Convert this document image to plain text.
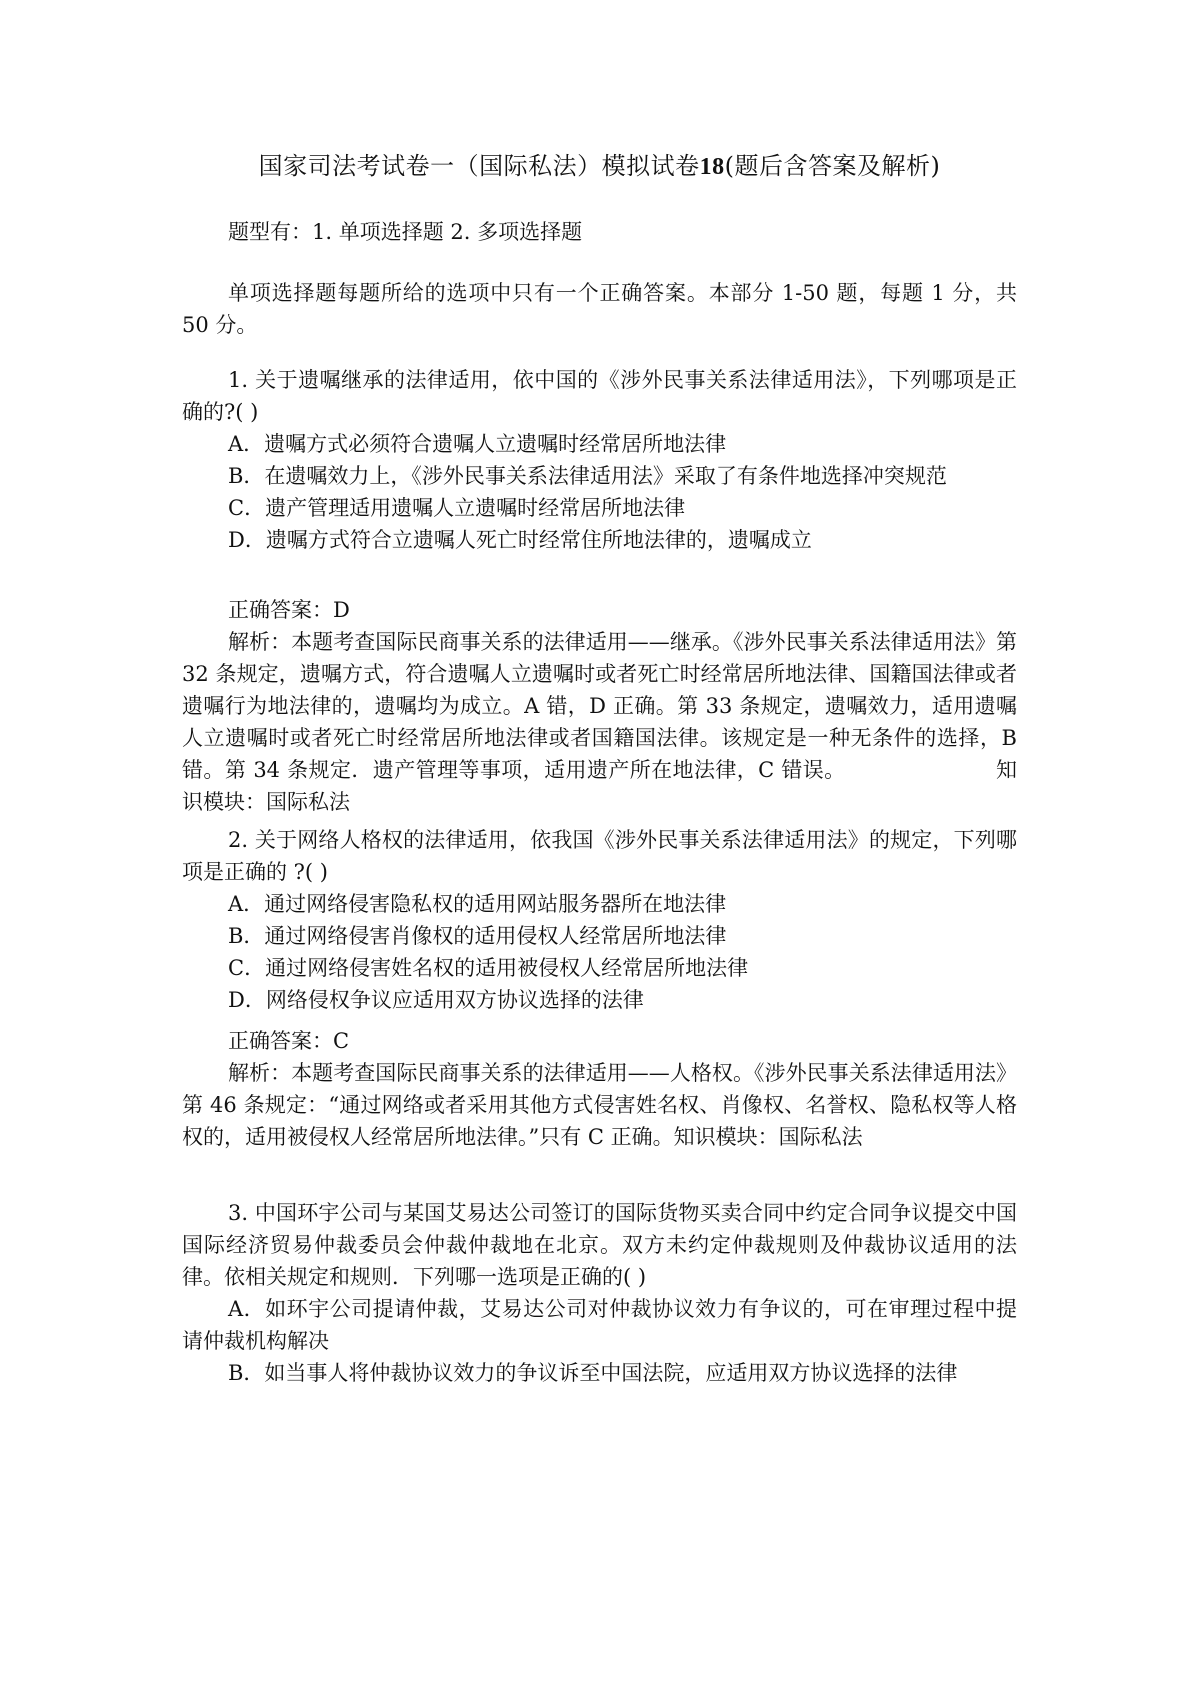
国家司法考试卷一（国际私法）模拟试卷18(题后含答案及解析)

题型有：1. 单项选择题 2. 多项选择题

单项选择题每题所给的选项中只有一个正确答案。本部分 1-50 题，每题 1 分，共 50 分。

1. 关于遗嘱继承的法律适用，依中国的《涉外民事关系法律适用法》，下列哪项是正确的?( )

A．遗嘱方式必须符合遗嘱人立遗嘱时经常居所地法律

B．在遗嘱效力上，《涉外民事关系法律适用法》采取了有条件地选择冲突规范

C．遗产管理适用遗嘱人立遗嘱时经常居所地法律

D．遗嘱方式符合立遗嘱人死亡时经常住所地法律的，遗嘱成立

正确答案：D

解析：本题考查国际民商事关系的法律适用——继承。《涉外民事关系法律适用法》第 32 条规定，遗嘱方式，符合遗嘱人立遗嘱时或者死亡时经常居所地法律、国籍国法律或者遗嘱行为地法律的，遗嘱均为成立。A 错，D 正确。第 33 条规定，遗嘱效力，适用遗嘱人立遗嘱时或者死亡时经常居所地法律或者国籍国法律。该规定是一种无条件的选择，B 错。第 34 条规定．遗产管理等事项，适用遗产所在地法律，C 错误。	知识模块：国际私法

2. 关于网络人格权的法律适用，依我国《涉外民事关系法律适用法》的规定，下列哪项是正确的 ?( )

A．通过网络侵害隐私权的适用网站服务器所在地法律

B．通过网络侵害肖像权的适用侵权人经常居所地法律

C．通过网络侵害姓名权的适用被侵权人经常居所地法律

D．网络侵权争议应适用双方协议选择的法律

正确答案：C

解析：本题考查国际民商事关系的法律适用——人格权。《涉外民事关系法律适用法》第 46 条规定：“通过网络或者采用其他方式侵害姓名权、肖像权、名誉权、隐私权等人格权的，适用被侵权人经常居所地法律。”只有 C 正确。知识模块：国际私法

3. 中国环宇公司与某国艾易达公司签订的国际货物买卖合同中约定合同争议提交中国国际经济贸易仲裁委员会仲裁仲裁地在北京。双方未约定仲裁规则及仲裁协议适用的法律。依相关规定和规则．下列哪一选项是正确的( )

A．如环宇公司提请仲裁，艾易达公司对仲裁协议效力有争议的，可在审理过程中提请仲裁机构解决

B．如当事人将仲裁协议效力的争议诉至中国法院，应适用双方协议选择的法律
